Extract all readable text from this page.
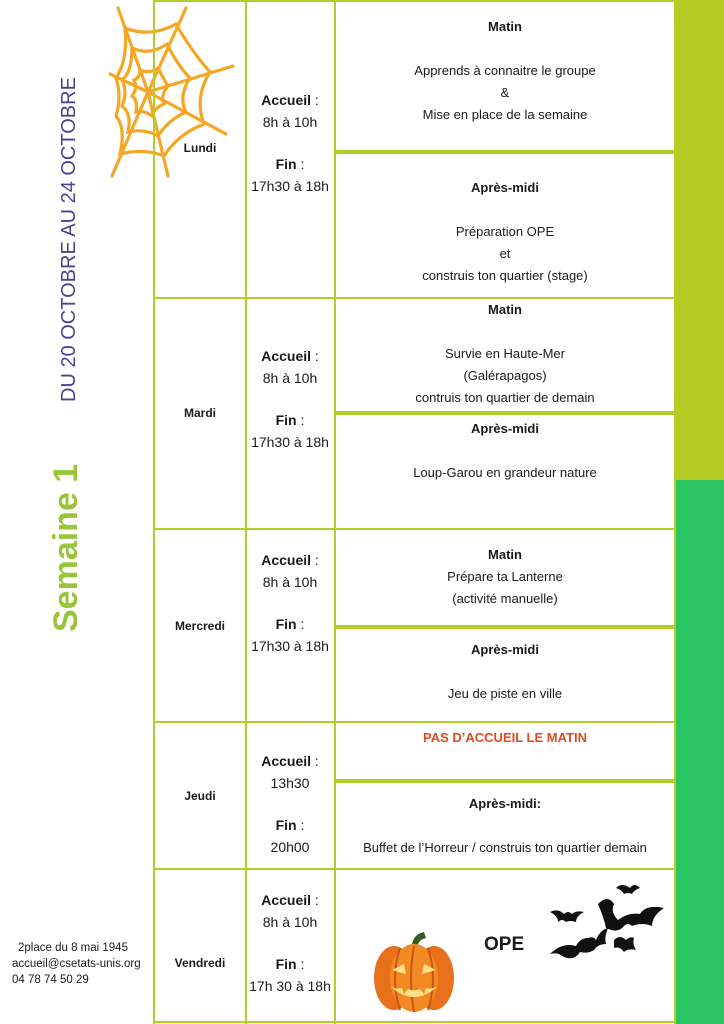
Semaine 1
DU 20 OCTOBRE AU 24 OCTOBRE	Lundi
Accueil :
8h à 10h
Fin :
17h30 à 18h
Matin
Apprends à connaitre le groupe
&
Mise en place de la semaine
Après-midi
Préparation OPE
et
construis ton quartier (stage)
Mardi
Accueil :
8h à 10h
Fin :
17h30 à 18h
Matin
Survie en Haute-Mer
(Galérapagos)
contruis ton quartier de demain
Après-midi
Loup-Garou en grandeur nature
Mercredi
Accueil :
8h à 10h
Fin :
17h30 à 18h
Matin
Prépare ta Lanterne
(activité manuelle)
Après-midi
Jeu de piste en ville
Jeudi
Accueil :
13h30
Fin :
20h00
PAS D’ACCUEIL LE MATIN
Après-midi:
Buffet de l’Horreur / construis ton quartier demain
Vendredi
Accueil :
8h à 10h
Fin :
17h 30 à 18h
OPE
2place du 8 mai 1945
accueil@csetats-unis.org
04 78 74 50 29
